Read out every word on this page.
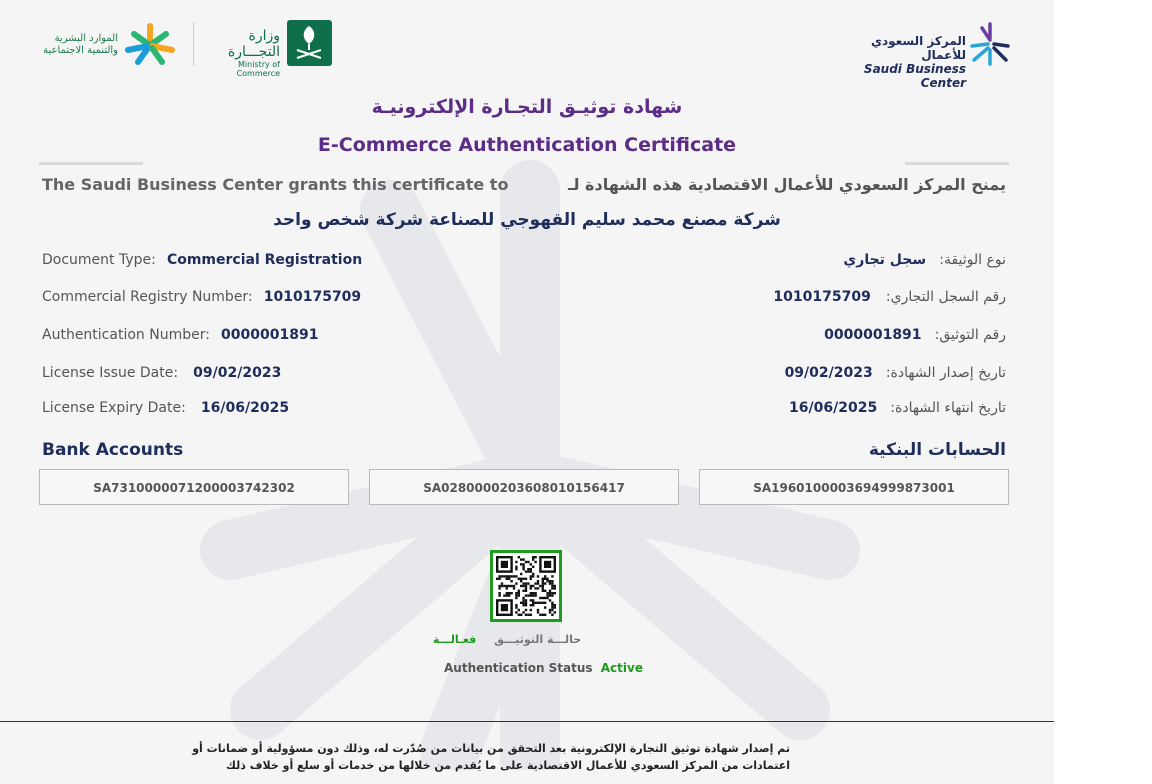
المركز السعودي للأعمال
Saudi Business Center
الموارد البشرية
والتنمية الاجتماعية
وزارة التجـــارة
Ministry of Commerce
شهادة توثيـق التجـارة الإلكترونيـة
E-Commerce Authentication Certificate
The Saudi Business Center grants this certificate to	يمنح المركز السعودي للأعمال الاقتصادية هذه الشهادة لـ
شركة مصنع محمد سليم القهوجي للصناعة شركة شخص واحد
Document Type: Commercial Registration
Commercial Registry Number: 1010175709
Authentication Number: 0000001891
License Issue Date: 09/02/2023
License Expiry Date: 16/06/2025
نوع الوثيقة: سجل تجاري
رقم السجل التجاري: 1010175709
رقم التوثيق: 0000001891
تاريخ إصدار الشهادة: 09/02/2023
تاريخ انتهاء الشهادة: 16/06/2025
Bank Accounts	الحسابات البنكية
SA7310000071200003742302	SA0280000203608010156417	SA1960100003694999873001
حالـــة التوثيـــق فعـالـــة
Authentication Status Active
تم إصدار شهادة توثيق التجارة الإلكترونية بعد التحقق من بيانات من صُدّرت له، وذلك دون مسؤولية أو ضمانات أو
اعتمادات من المركز السعودي للأعمال الاقتصادية على ما يُقدم من خلالها من خدمات أو سلع أو خلاف ذلك
